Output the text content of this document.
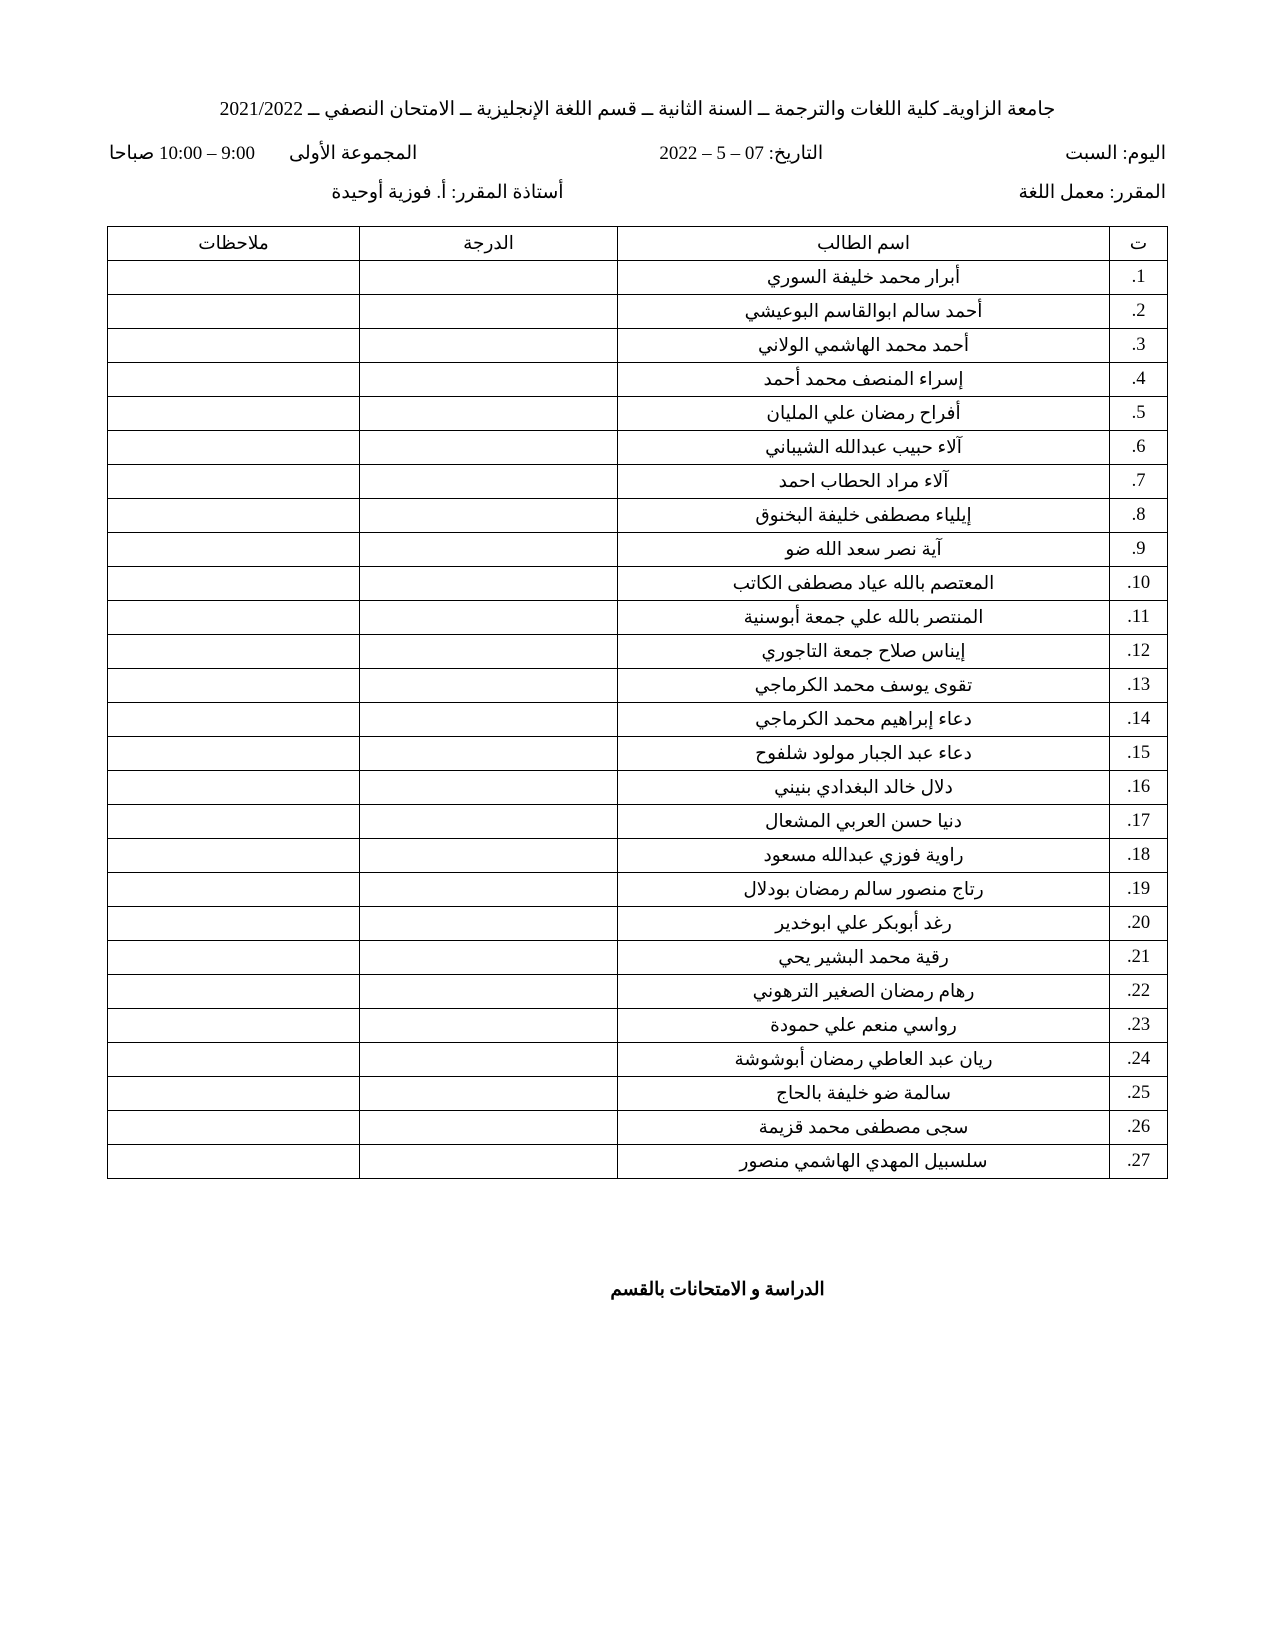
جامعة الزاويةـ كلية اللغات والترجمة ــ السنة الثانية ــ قسم اللغة الإنجليزية ــ الامتحان النصفي ــ 2021/2022
اليوم: السبت
التاريخ: 07 – 5 – 2022
المجموعة الأولى
9:00 – 10:00 صباحا
المقرر: معمل اللغة
أستاذة المقرر: أ. فوزية أوحيدة
ت	اسم الطالب	الدرجة	ملاحظات
1.	أبرار محمد خليفة السوري		
2.	أحمد سالم ابوالقاسم البوعيشي		
3.	أحمد محمد الهاشمي الولاني		
4.	إسراء المنصف محمد أحمد		
5.	أفراح رمضان علي الملیان		
6.	آلاء حبيب عبدالله الشيباني		
7.	آلاء مراد الحطاب احمد		
8.	إيلياء مصطفى خليفة البخنوق		
9.	آية نصر سعد الله ضو		
10.	المعتصم بالله عياد مصطفى الكاتب		
11.	المنتصر بالله علي جمعة أبوسنية		
12.	إيناس صلاح جمعة التاجوري		
13.	تقوى يوسف محمد الكرماجي		
14.	دعاء إبراهيم محمد الكرماجي		
15.	دعاء عبد الجبار مولود شلفوح		
16.	دلال خالد البغدادي بنيني		
17.	دنيا حسن العربي المشعال		
18.	راوية فوزي عبدالله مسعود		
19.	رتاج منصور سالم رمضان بودلال		
20.	رغد أبوبكر علي ابوخدير		
21.	رقية محمد البشير يحي		
22.	رهام رمضان الصغير الترهوني		
23.	رواسي منعم علي حمودة		
24.	ريان عبد العاطي رمضان أبوشوشة		
25.	سالمة ضو خليفة بالحاج		
26.	سجى مصطفى محمد قزيمة		
27.	سلسبيل المهدي الهاشمي منصور		
الدراسة و الامتحانات بالقسم
